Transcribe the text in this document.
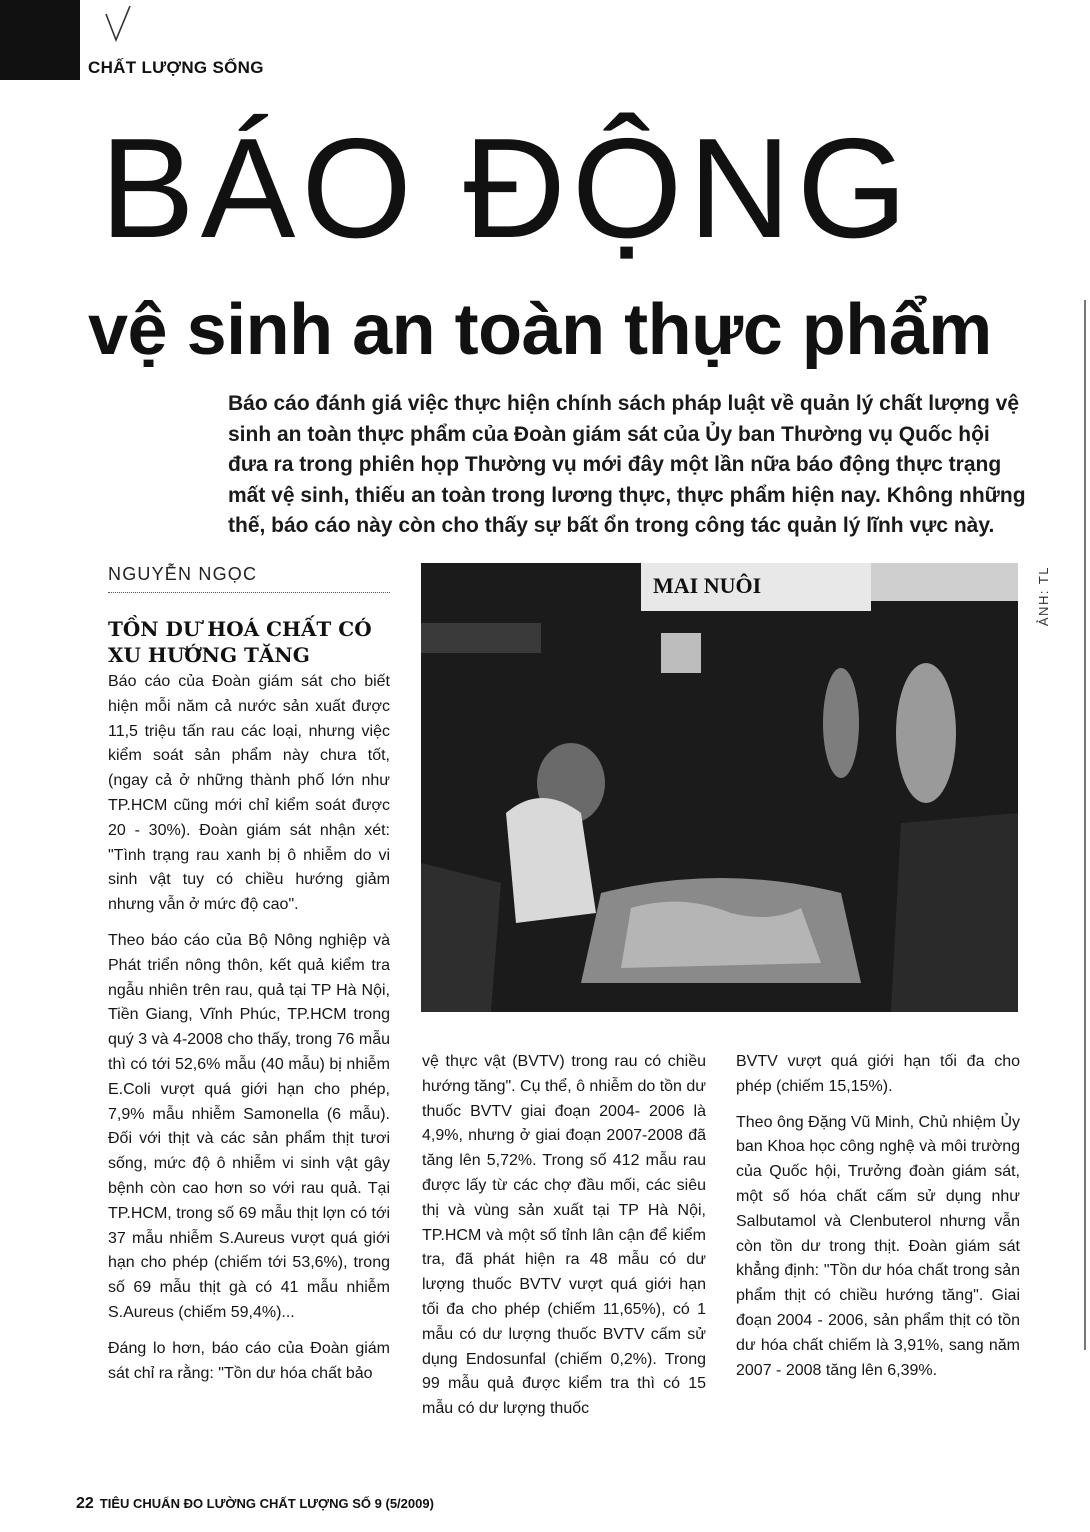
CHẤT LƯỢNG SỐNG
BÁO ĐỘNG
vệ sinh an toàn thực phẩm
Báo cáo đánh giá việc thực hiện chính sách pháp luật về quản lý chất lượng vệ sinh an toàn thực phẩm của Đoàn giám sát của Ủy ban Thường vụ Quốc hội đưa ra trong phiên họp Thường vụ mới đây một lần nữa báo động thực trạng mất vệ sinh, thiếu an toàn trong lương thực, thực phẩm hiện nay. Không những thế, báo cáo này còn cho thấy sự bất ổn trong công tác quản lý lĩnh vực này.
NGUYỄN NGỌC
TỒN DƯ HOÁ CHẤT CÓ XU HƯỚNG TĂNG

Báo cáo của Đoàn giám sát cho biết hiện mỗi năm cả nước sản xuất được 11,5 triệu tấn rau các loại, nhưng việc kiểm soát sản phẩm này chưa tốt, (ngay cả ở những thành phố lớn như TP.HCM cũng mới chỉ kiểm soát được 20 - 30%). Đoàn giám sát nhận xét: "Tình trạng rau xanh bị ô nhiễm do vi sinh vật tuy có chiều hướng giảm nhưng vẫn ở mức độ cao".

Theo báo cáo của Bộ Nông nghiệp và Phát triển nông thôn, kết quả kiểm tra ngẫu nhiên trên rau, quả tại TP Hà Nội, Tiền Giang, Vĩnh Phúc, TP.HCM trong quý 3 và 4-2008 cho thấy, trong 76 mẫu thì có tới 52,6% mẫu (40 mẫu) bị nhiễm E.Coli vượt quá giới hạn cho phép, 7,9% mẫu nhiễm Samonella (6 mẫu). Đối với thịt và các sản phẩm thịt tươi sống, mức độ ô nhiễm vi sinh vật gây bệnh còn cao hơn so với rau quả. Tại TP.HCM, trong số 69 mẫu thịt lợn có tới 37 mẫu nhiễm S.Aureus vượt quá giới hạn cho phép (chiếm tới 53,6%), trong số 69 mẫu thịt gà có 41 mẫu nhiễm S.Aureus (chiếm 59,4%)...

Đáng lo hơn, báo cáo của Đoàn giám sát chỉ ra rằng: "Tồn dư hóa chất bảo

MAI NUÔI	ẢNH: TL

vệ thực vật (BVTV) trong rau có chiều hướng tăng". Cụ thể, ô nhiễm do tồn dư thuốc BVTV giai đoạn 2004- 2006 là 4,9%, nhưng ở giai đoạn 2007-2008 đã tăng lên 5,72%. Trong số 412 mẫu rau được lấy từ các chợ đầu mối, các siêu thị và vùng sản xuất tại TP Hà Nội, TP.HCM và một số tỉnh lân cận để kiểm tra, đã phát hiện ra 48 mẫu có dư lượng thuốc BVTV vượt quá giới hạn tối đa cho phép (chiếm 11,65%), có 1 mẫu có dư lượng thuốc BVTV cấm sử dụng Endosunfal (chiếm 0,2%). Trong 99 mẫu quả được kiểm tra thì có 15 mẫu có dư lượng thuốc

BVTV vượt quá giới hạn tối đa cho phép (chiếm 15,15%).

Theo ông Đặng Vũ Minh, Chủ nhiệm Ủy ban Khoa học công nghệ và môi trường của Quốc hội, Trưởng đoàn giám sát, một số hóa chất cấm sử dụng như Salbutamol và Clenbuterol nhưng vẫn còn tồn dư trong thịt. Đoàn giám sát khẳng định: "Tồn dư hóa chất trong sản phẩm thịt có chiều hướng tăng". Giai đoạn 2004 - 2006, sản phẩm thịt có tồn dư hóa chất chiếm là 3,91%, sang năm 2007 - 2008 tăng lên 6,39%.

22 TIÊU CHUẨN ĐO LƯỜNG CHẤT LƯỢNG SỐ 9 (5/2009)
